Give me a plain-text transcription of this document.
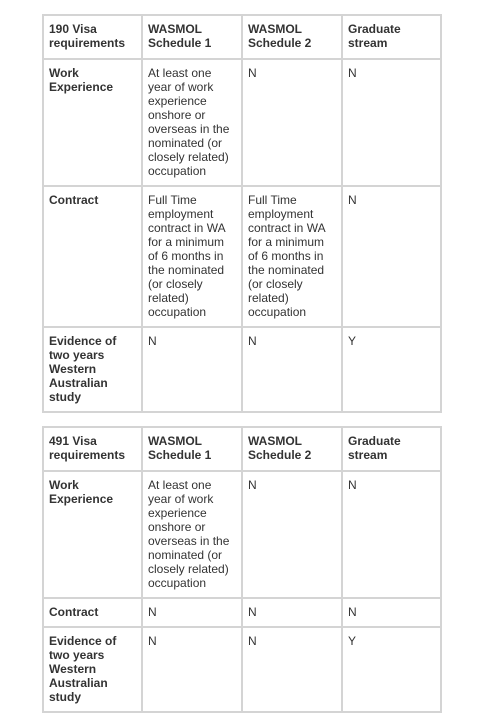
190 Visa requirements	WASMOL Schedule 1	WASMOL Schedule 2	Graduate stream
Work Experience	At least one year of work experience onshore or overseas in the nominated (or closely related) occupation	N	N
Contract	Full Time employment contract in WA for a minimum of 6 months in the nominated (or closely related) occupation	Full Time employment contract in WA for a minimum of 6 months in the nominated (or closely related) occupation	N
Evidence of two years Western Australian study	N	N	Y
491 Visa requirements	WASMOL Schedule 1	WASMOL Schedule 2	Graduate stream
Work Experience	At least one year of work experience onshore or overseas in the nominated (or closely related) occupation	N	N
Contract	N	N	N
Evidence of two years Western Australian study	N	N	Y
